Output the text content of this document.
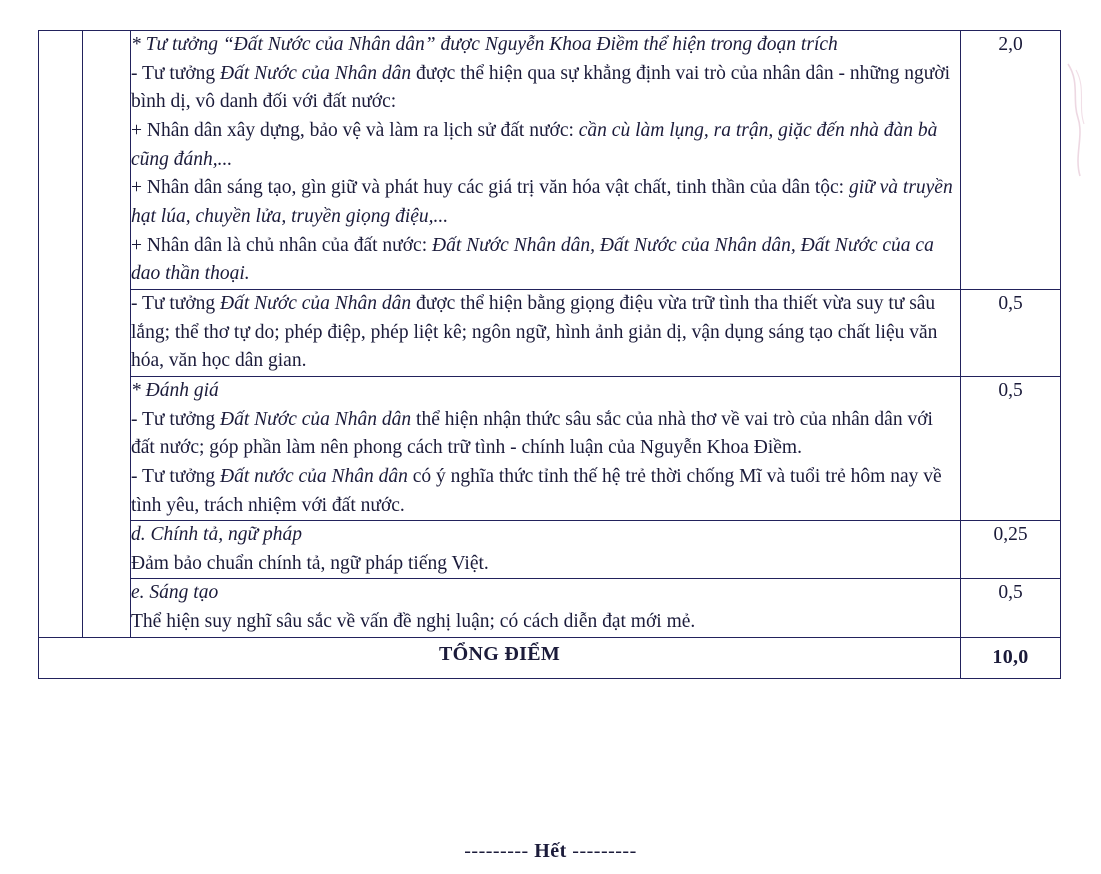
		* Tư tưởng “Đất Nước của Nhân dân” được Nguyễn Khoa Điềm thể hiện trong đoạn trích

- Tư tưởng Đất Nước của Nhân dân được thể hiện qua sự khẳng định vai trò của nhân dân - những người bình dị, vô danh đối với đất nước:

+ Nhân dân xây dựng, bảo vệ và làm ra lịch sử đất nước: cần cù làm lụng, ra trận, giặc đến nhà đàn bà cũng đánh,...

+ Nhân dân sáng tạo, gìn giữ và phát huy các giá trị văn hóa vật chất, tinh thần của dân tộc: giữ và truyền hạt lúa, chuyền lửa, truyền giọng điệu,...

+ Nhân dân là chủ nhân của đất nước: Đất Nước Nhân dân, Đất Nước của Nhân dân, Đất Nước của ca dao thần thoại.	2,0

		- Tư tưởng Đất Nước của Nhân dân được thể hiện bằng giọng điệu vừa trữ tình tha thiết vừa suy tư sâu lắng; thể thơ tự do; phép điệp, phép liệt kê; ngôn ngữ, hình ảnh giản dị, vận dụng sáng tạo chất liệu văn hóa, văn học dân gian.	0,5

		* Đánh giá

- Tư tưởng Đất Nước của Nhân dân thể hiện nhận thức sâu sắc của nhà thơ về vai trò của nhân dân với đất nước; góp phần làm nên phong cách trữ tình - chính luận của Nguyễn Khoa Điềm.

- Tư tưởng Đất nước của Nhân dân có ý nghĩa thức tỉnh thế hệ trẻ thời chống Mĩ và tuổi trẻ hôm nay về tình yêu, trách nhiệm với đất nước.	0,5

		d. Chính tả, ngữ pháp

Đảm bảo chuẩn chính tả, ngữ pháp tiếng Việt.	0,25

		e. Sáng tạo

Thể hiện suy nghĩ sâu sắc về vấn đề nghị luận; có cách diễn đạt mới mẻ.	0,5
TỔNG ĐIỂM			10,0
--------- Hết ---------
